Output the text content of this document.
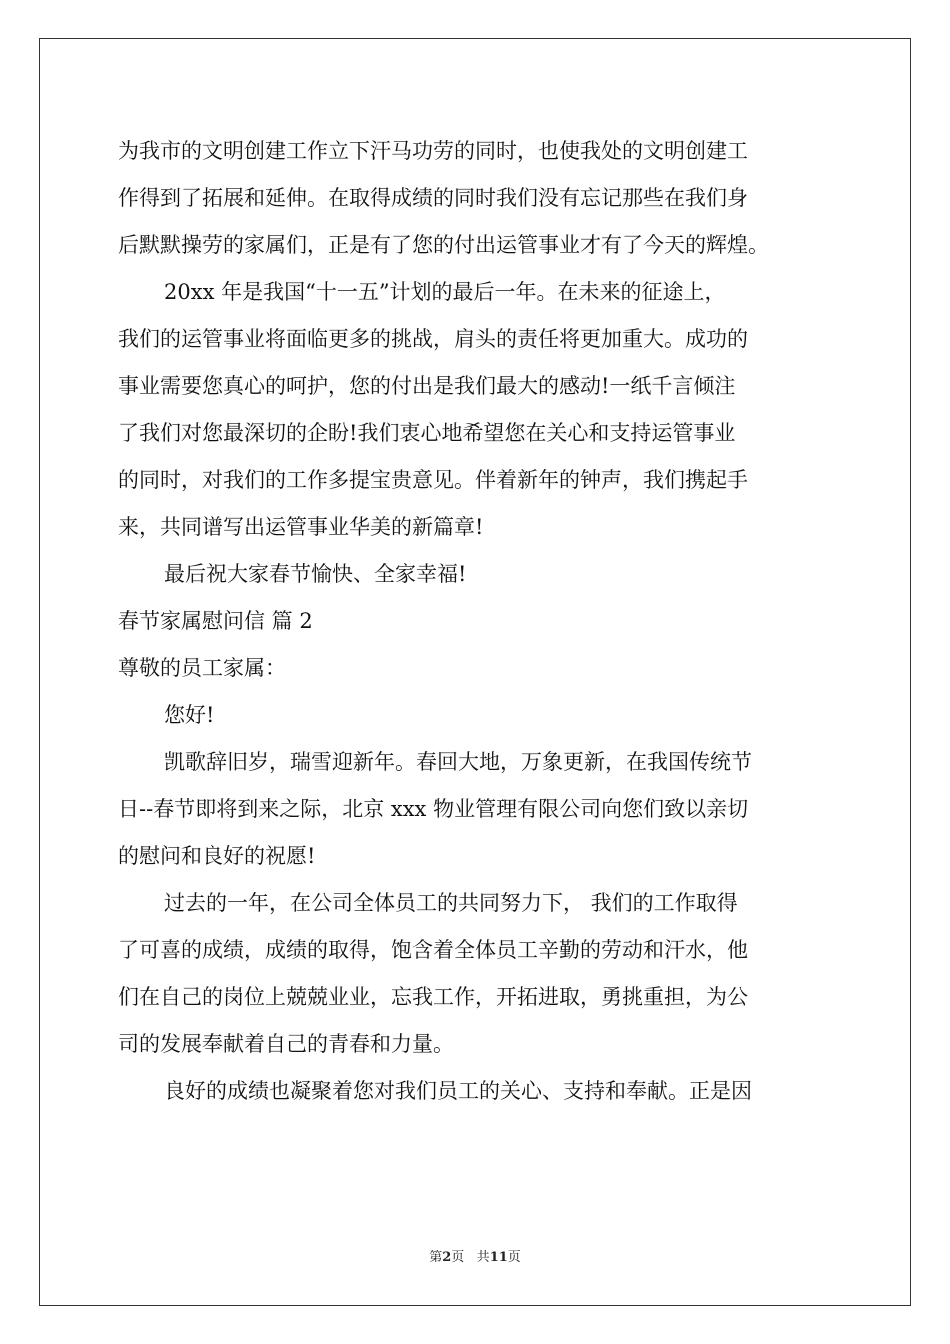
为我市的文明创建工作立下汗马功劳的同时，也使我处的文明创建工
作得到了拓展和延伸。在取得成绩的同时我们没有忘记那些在我们身
后默默操劳的家属们，正是有了您的付出运管事业才有了今天的辉煌。
20xx 年是我国“十一五”计划的最后一年。在未来的征途上，
我们的运管事业将面临更多的挑战，肩头的责任将更加重大。成功的
事业需要您真心的呵护，您的付出是我们最大的感动!一纸千言倾注
了我们对您最深切的企盼!我们衷心地希望您在关心和支持运管事业
的同时，对我们的工作多提宝贵意见。伴着新年的钟声，我们携起手
来，共同谱写出运管事业华美的新篇章!
最后祝大家春节愉快、全家幸福!
春节家属慰问信 篇 2
尊敬的员工家属：
您好!
凯歌辞旧岁，瑞雪迎新年。春回大地，万象更新，在我国传统节
日--春节即将到来之际，北京 xxx 物业管理有限公司向您们致以亲切
的慰问和良好的祝愿!
过去的一年，在公司全体员工的共同努力下， 我们的工作取得
了可喜的成绩，成绩的取得，饱含着全体员工辛勤的劳动和汗水，他
们在自己的岗位上兢兢业业，忘我工作，开拓进取，勇挑重担，为公
司的发展奉献着自己的青春和力量。
良好的成绩也凝聚着您对我们员工的关心、支持和奉献。正是因
第2页 共11页
